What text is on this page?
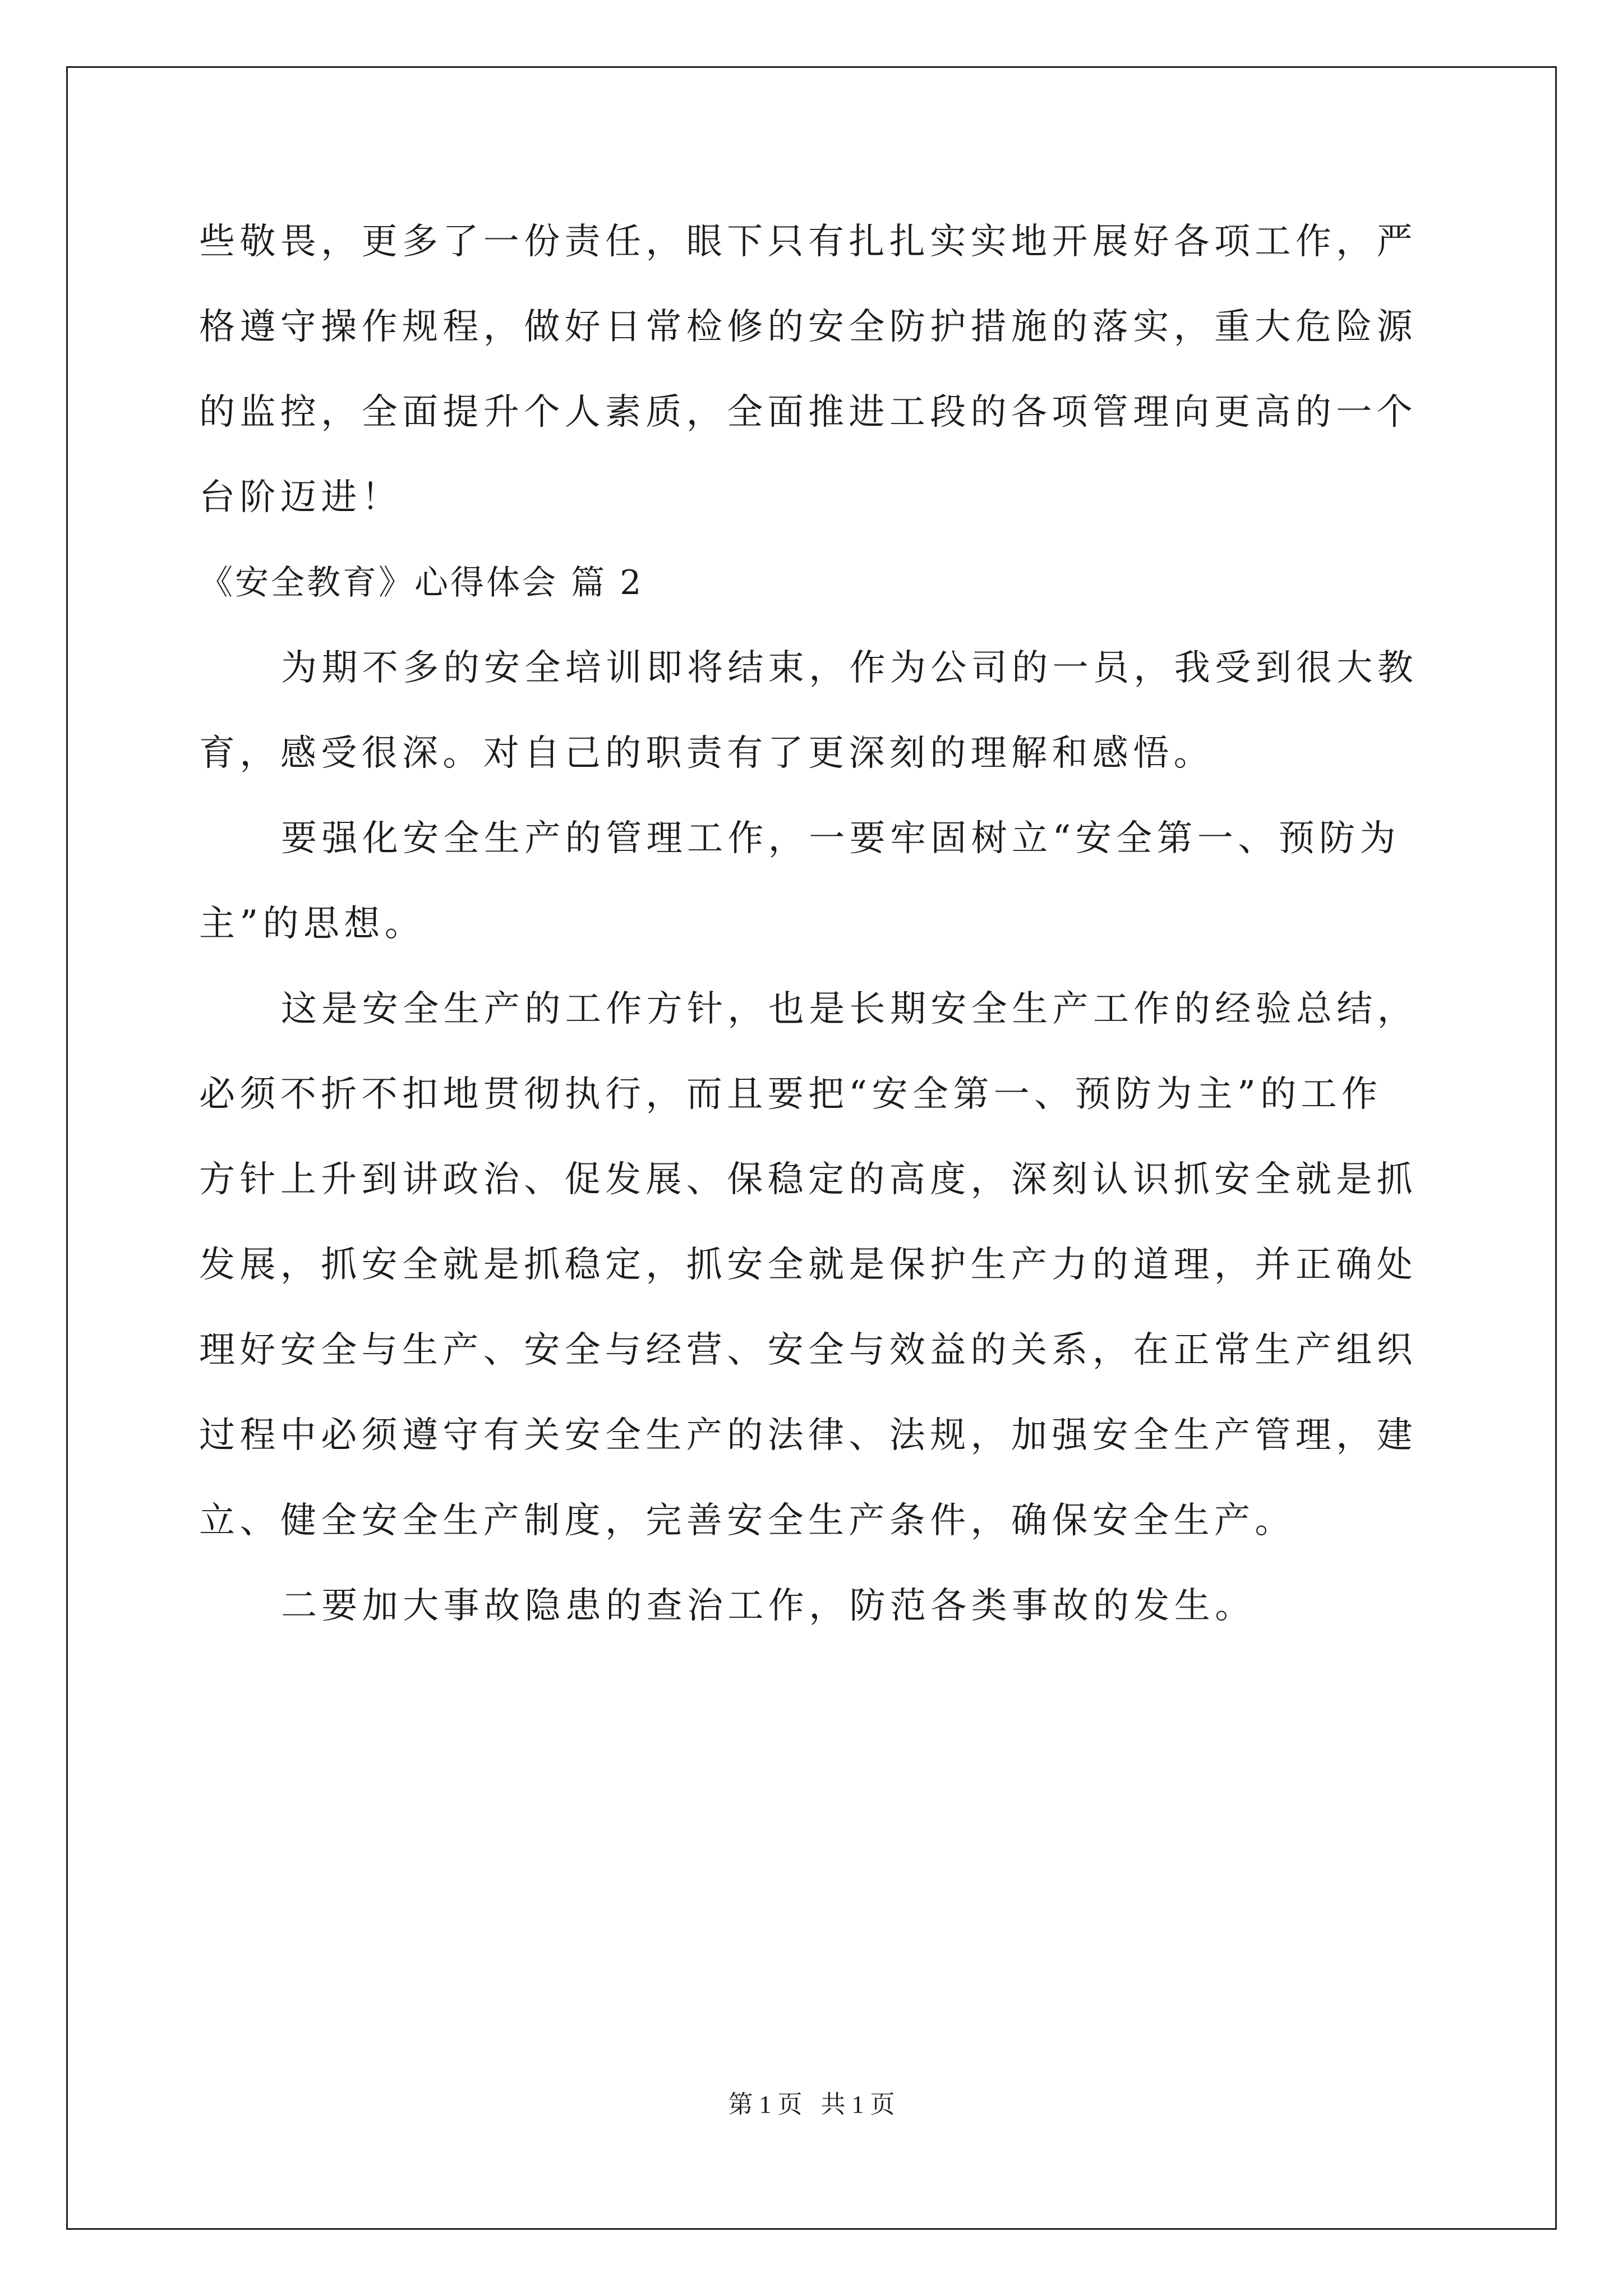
些敬畏，更多了一份责任，眼下只有扎扎实实地开展好各项工作，严
格遵守操作规程，做好日常检修的安全防护措施的落实，重大危险源
的监控，全面提升个人素质，全面推进工段的各项管理向更高的一个
台阶迈进！
《安全教育》心得体会 篇 2
为期不多的安全培训即将结束，作为公司的一员，我受到很大教
育，感受很深。对自己的职责有了更深刻的理解和感悟。
要强化安全生产的管理工作，一要牢固树立“安全第一、预防为
主”的思想。
这是安全生产的工作方针，也是长期安全生产工作的经验总结，
必须不折不扣地贯彻执行，而且要把“安全第一、预防为主”的工作
方针上升到讲政治、促发展、保稳定的高度，深刻认识抓安全就是抓
发展，抓安全就是抓稳定，抓安全就是保护生产力的道理，并正确处
理好安全与生产、安全与经营、安全与效益的关系，在正常生产组织
过程中必须遵守有关安全生产的法律、法规，加强安全生产管理，建
立、健全安全生产制度，完善安全生产条件，确保安全生产。
二要加大事故隐患的查治工作，防范各类事故的发生。
第 1 页 共 1 页
